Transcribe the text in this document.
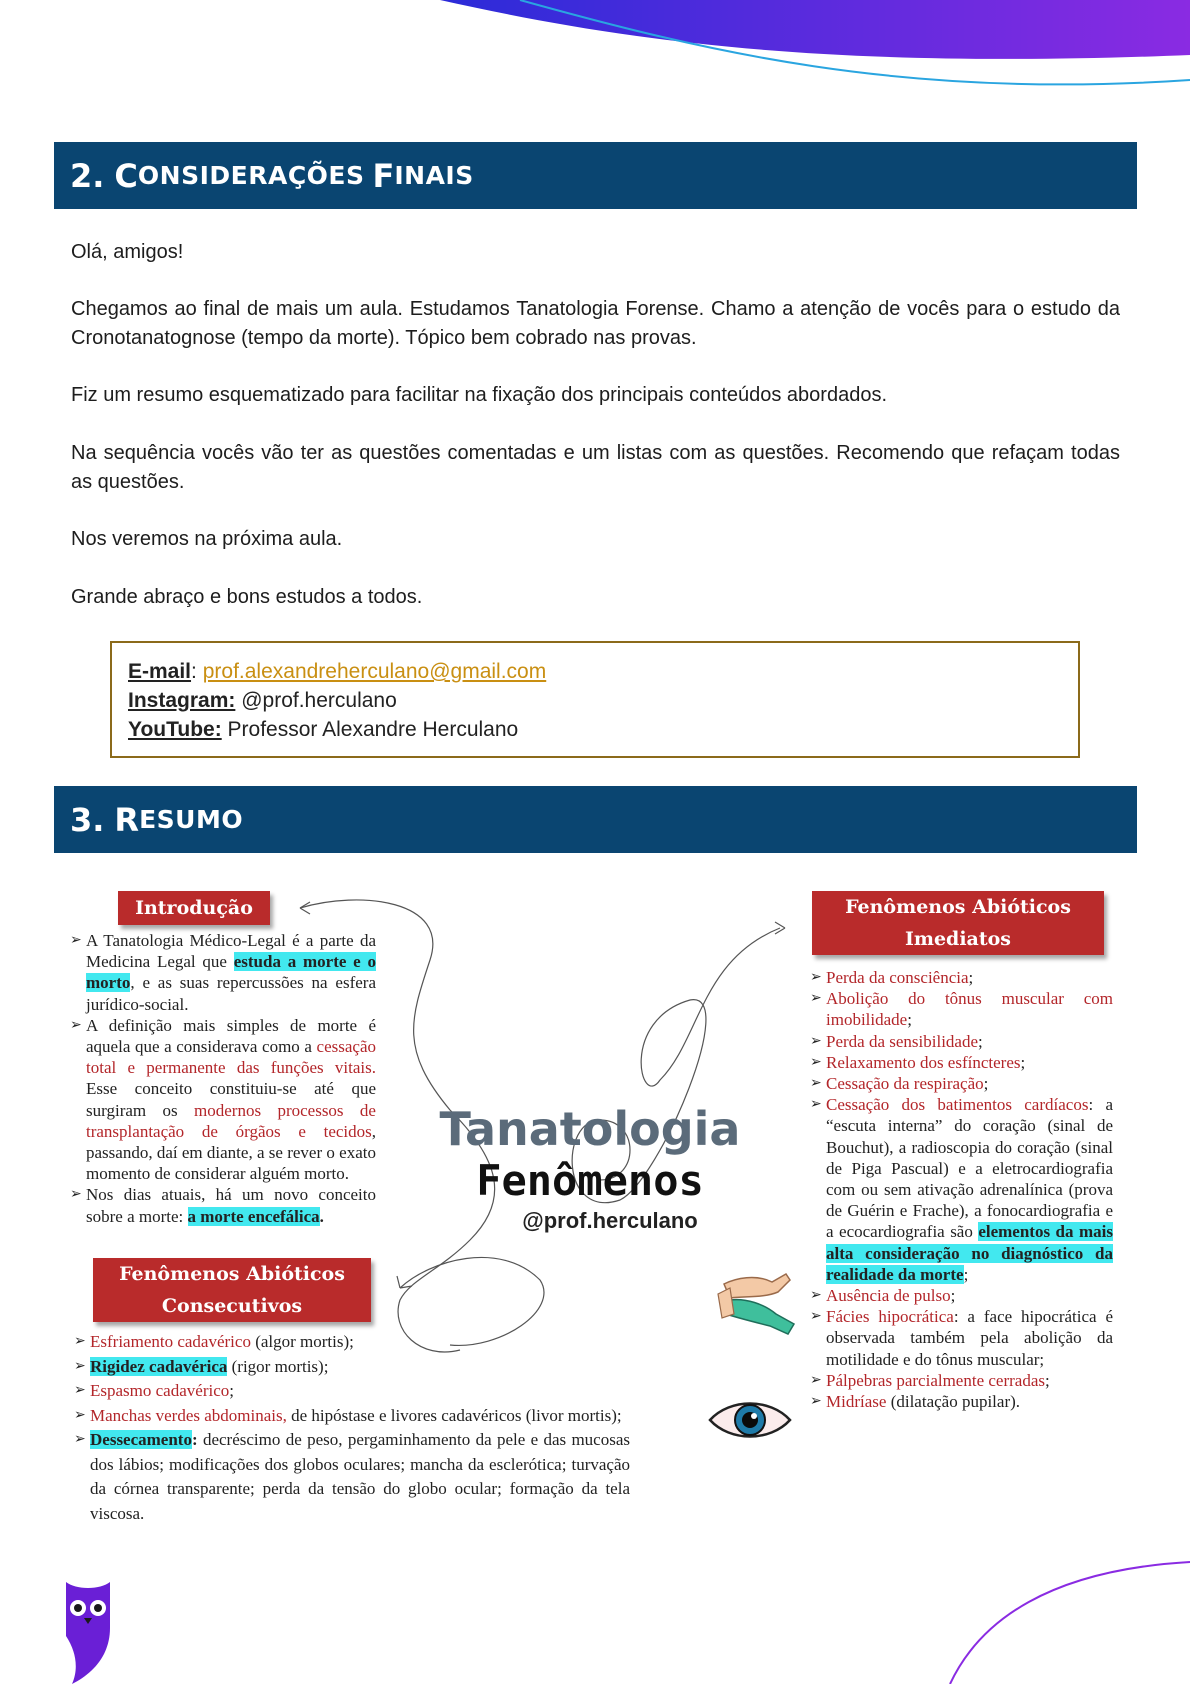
2. C ONSIDERAÇÕES F INAIS

Olá, amigos!

Chegamos ao final de mais um aula. Estudamos Tanatologia Forense. Chamo a atenção de vocês para o estudo da Cronotanatognose (tempo da morte). Tópico bem cobrado nas provas.

Fiz um resumo esquematizado para facilitar na fixação dos principais conteúdos abordados.

Na sequência vocês vão ter as questões comentadas e um listas com as questões. Recomendo que refaçam todas as questões.

Nos veremos na próxima aula.

Grande abraço e bons estudos a todos.

E-mail: prof.alexandreherculano@gmail.com
Instagram: @prof.herculano
YouTube: Professor Alexandre Herculano
3. R ESUMO
Tanatologia
Fenômenos
@prof.herculano
Introdução
➢ A Tanatologia Médico-Legal é a parte da Medicina Legal que estuda a morte e o morto, e as suas repercussões na esfera jurídico-social.
➢ A definição mais simples de morte é aquela que a considerava como a cessação total e permanente das funções vitais. Esse conceito constituiu-se até que surgiram os modernos processos de transplantação de órgãos e tecidos, passando, daí em diante, a se rever o exato momento de considerar alguém morto.
➢ Nos dias atuais, há um novo conceito sobre a morte: a morte encefálica.
Fenômenos Abióticos
Consecutivos
➢ Esfriamento cadavérico (algor mortis);
➢ Rigidez cadavérica (rigor mortis);
➢ Espasmo cadavérico;
➢ Manchas verdes abdominais, de hipóstase e livores cadavéricos (livor mortis);
➢ Dessecamento: decréscimo de peso, pergaminhamento da pele e das mucosas dos lábios; modificações dos globos oculares; mancha da esclerótica; turvação da córnea transparente; perda da tensão do globo ocular; formação da tela viscosa.
Fenômenos Abióticos
Imediatos
➢ Perda da consciência;
➢ Abolição do tônus muscular com imobilidade;
➢ Perda da sensibilidade;
➢ Relaxamento dos esfíncteres;
➢ Cessação da respiração;
➢ Cessação dos batimentos cardíacos: a “escuta interna” do coração (sinal de Bouchut), a radioscopia do coração (sinal de Piga Pascual) e a eletrocardiografia com ou sem ativação adrenalínica (prova de Guérin e Frache), a fonocardiografia e a ecocardiografia são elementos da mais alta consideração no diagnóstico da realidade da morte;
➢ Ausência de pulso;
➢ Fácies hipocrática: a face hipocrática é observada também pela abolição da motilidade e do tônus muscular;
➢ Pálpebras parcialmente cerradas;
➢ Midríase (dilatação pupilar).
